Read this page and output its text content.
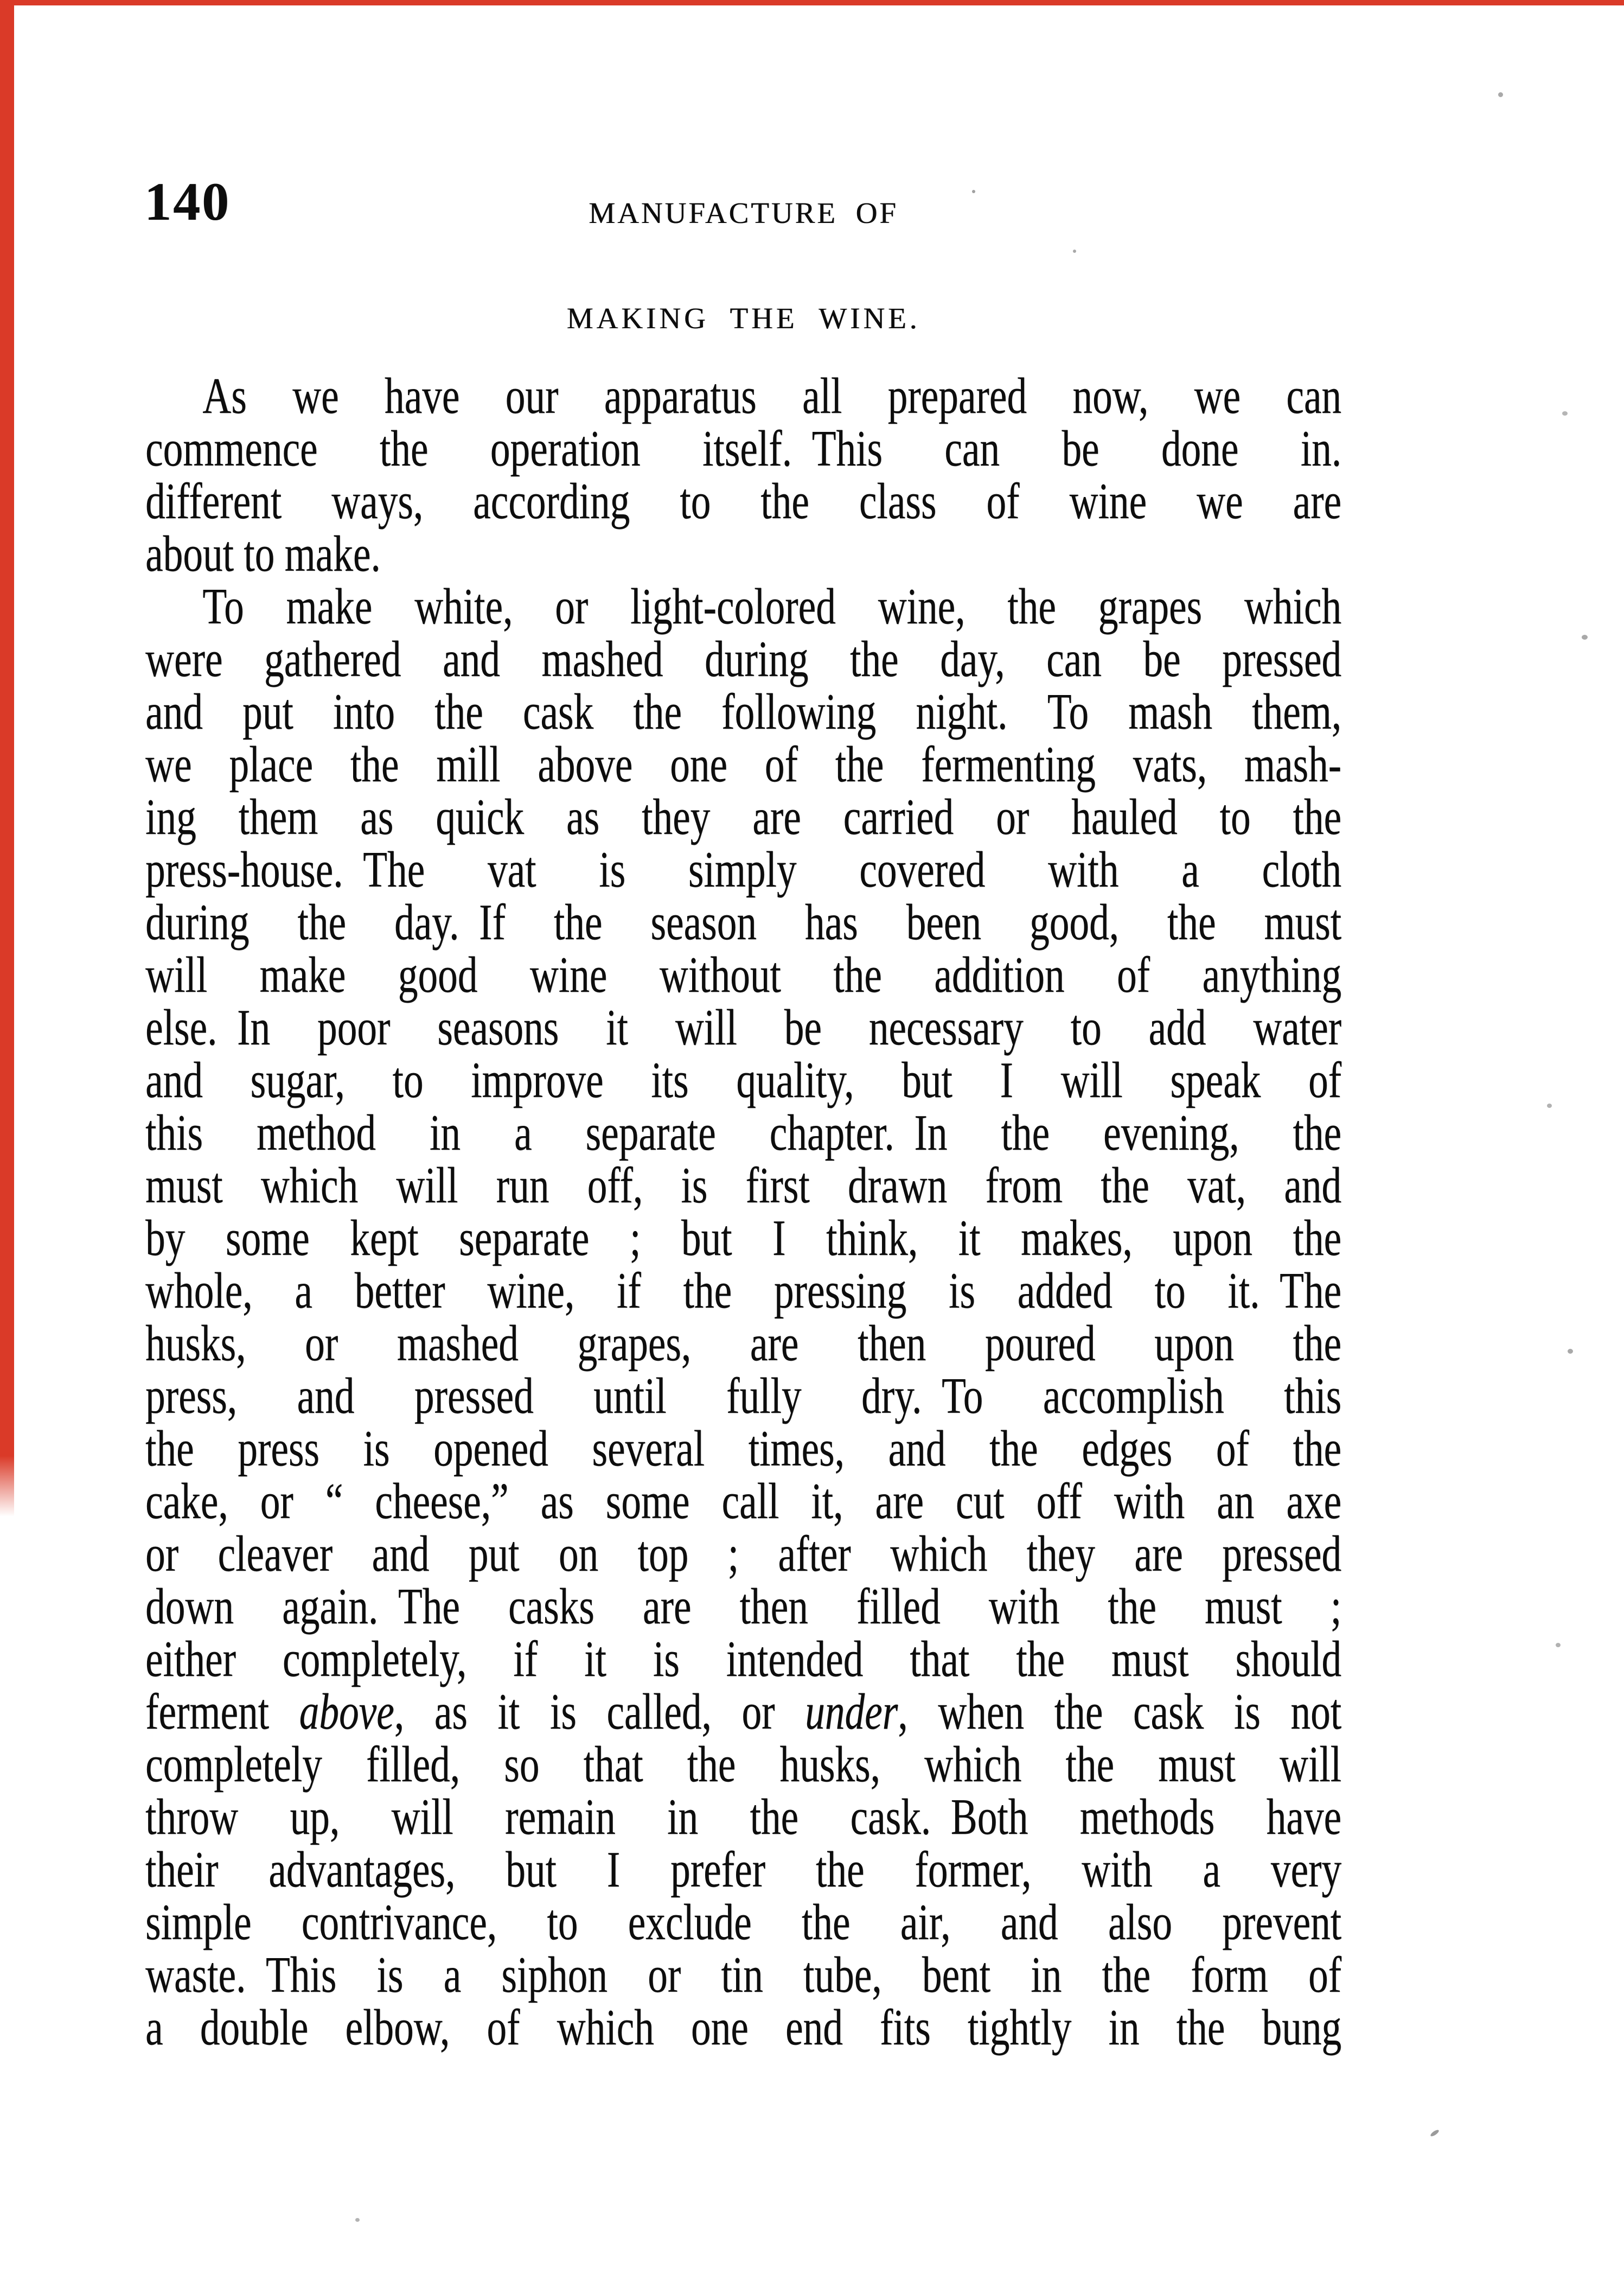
140	MANUFACTURE OF
MAKING THE WINE.
As we have our apparatus all prepared now, we can
commence the operation itself. This can be done in.
different ways, according to the class of wine we are
about to make.
To make white, or light-colored wine, the grapes which
were gathered and mashed during the day, can be pressed
and put into the cask the following night. To mash them,
we place the mill above one of the fermenting vats, mash-
ing them as quick as they are carried or hauled to the
press-house. The vat is simply covered with a cloth
during the day. If the season has been good, the must
will make good wine without the addition of anything
else. In poor seasons it will be necessary to add water
and sugar, to improve its quality, but I will speak of
this method in a separate chapter. In the evening, the
must which will run off, is first drawn from the vat, and
by some kept separate ; but I think, it makes, upon the
whole, a better wine, if the pressing is added to it. The
husks, or mashed grapes, are then poured upon the
press, and pressed until fully dry. To accomplish this
the press is opened several times, and the edges of the
cake, or “ cheese,” as some call it, are cut off with an axe
or cleaver and put on top ; after which they are pressed
down again. The casks are then filled with the must ;
either completely, if it is intended that the must should
ferment above, as it is called, or under, when the cask is not
completely filled, so that the husks, which the must will
throw up, will remain in the cask. Both methods have
their advantages, but I prefer the former, with a very
simple contrivance, to exclude the air, and also prevent
waste. This is a siphon or tin tube, bent in the form of
a double elbow, of which one end fits tightly in the bung
